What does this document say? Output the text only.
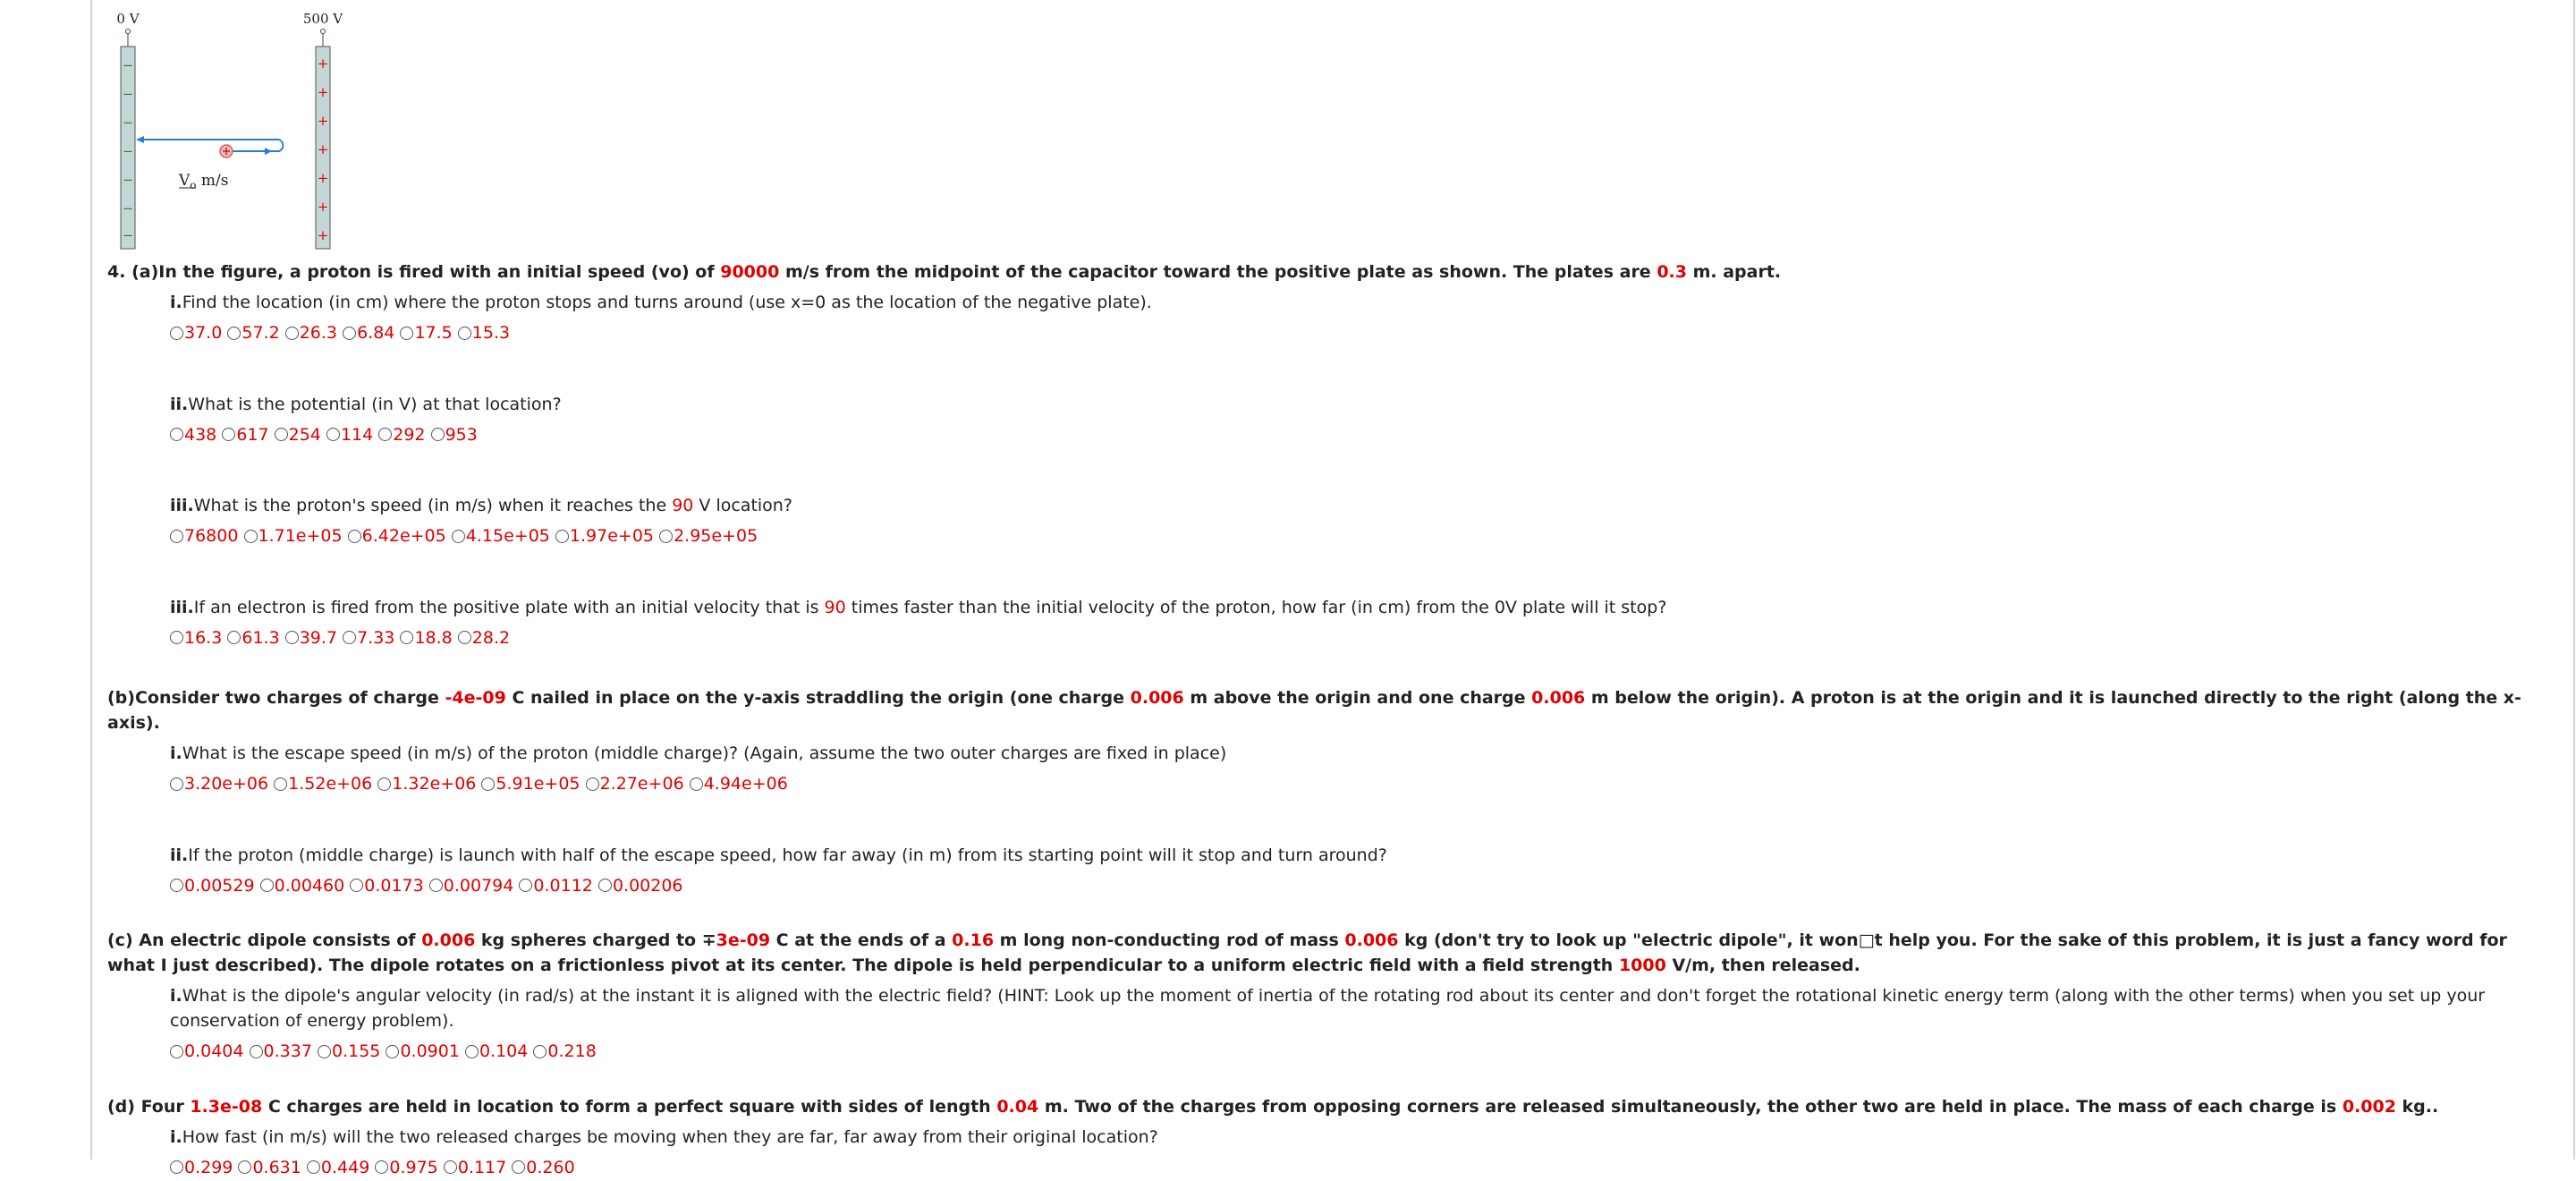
0 V	500 V
−
−
−
−
−
−
−
+
+
+
+
+
+
+
$V_o$ m/s

4. (a)In the figure, a proton is fired with an initial speed (vo) of 90000 m/s from the midpoint of the capacitor toward the positive plate as shown. The plates are 0.3 m. apart.

i.Find the location (in cm) where the proton stops and turns around (use x=0 as the location of the negative plate).
37.0
57.2
26.3
6.84
17.5
15.3
ii.What is the potential (in V) at that location?
438
617
254
114
292
953
iii.What is the proton's speed (in m/s) when it reaches the 90 V location?
76800
1.71e+05
6.42e+05
4.15e+05
1.97e+05
2.95e+05
iii.If an electron is fired from the positive plate with an initial velocity that is 90 times faster than the initial velocity of the proton, how far (in cm) from the 0V plate will it stop?
16.3
61.3
39.7
7.33
18.8
28.2

(b)Consider two charges of charge -4e-09 C nailed in place on the y-axis straddling the origin (one charge 0.006 m above the origin and one charge 0.006 m below the origin). A proton is at the origin and it is launched directly to the right (along the x-axis).

i.What is the escape speed (in m/s) of the proton (middle charge)? (Again, assume the two outer charges are fixed in place)
3.20e+06
1.52e+06
1.32e+06
5.91e+05
2.27e+06
4.94e+06
ii.If the proton (middle charge) is launch with half of the escape speed, how far away (in m) from its starting point will it stop and turn around?
0.00529
0.00460
0.0173
0.00794
0.0112
0.00206

(c) An electric dipole consists of 0.006 kg spheres charged to ∓3e-09 C at the ends of a 0.16 m long non-conducting rod of mass 0.006 kg (don't try to look up "electric dipole", it won□t help you. For the sake of this problem, it is just a fancy word for what I just described). The dipole rotates on a frictionless pivot at its center. The dipole is held perpendicular to a uniform electric field with a field strength 1000 V/m, then released.

i.What is the dipole's angular velocity (in rad/s) at the instant it is aligned with the electric field? (HINT: Look up the moment of inertia of the rotating rod about its center and don't forget the rotational kinetic energy term (along with the other terms) when you set up your conservation of energy problem).
0.0404
0.337
0.155
0.0901
0.104
0.218

(d) Four 1.3e-08 C charges are held in location to form a perfect square with sides of length 0.04 m. Two of the charges from opposing corners are released simultaneously, the other two are held in place. The mass of each charge is 0.002 kg..

i.How fast (in m/s) will the two released charges be moving when they are far, far away from their original location?
0.299
0.631
0.449
0.975
0.117
0.260
